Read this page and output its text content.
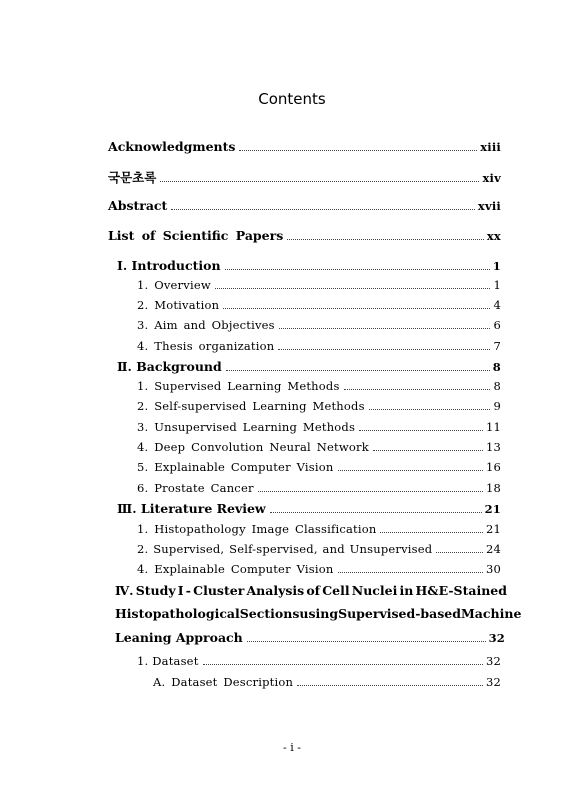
Contents
Acknowledgments	xiii
국문초록	xiv
Abstract	xvii
List of Scientific Papers	xx
Ⅰ. Introduction	1
1. Overview	1
2. Motivation	4
3. Aim and Objectives	6
4. Thesis organization	7
Ⅱ. Background	8
1. Supervised Learning Methods	8
2. Self-supervised Learning Methods	9
3. Unsupervised Learning Methods	11
4. Deep Convolution Neural Network	13
5. Explainable Computer Vision	16
6. Prostate Cancer	18
Ⅲ. Literature Review	21
1. Histopathology Image Classification	21
2. Supervised, Self-spervised, and Unsupervised	24
4. Explainable Computer Vision	30
Ⅳ. Study I - Cluster Analysis of Cell Nuclei in H&E-Stained
Histopathological Sections using Supervised-based Machine
Leaning Approach	32
1. Dataset	32
A. Dataset Description	32
- i -
